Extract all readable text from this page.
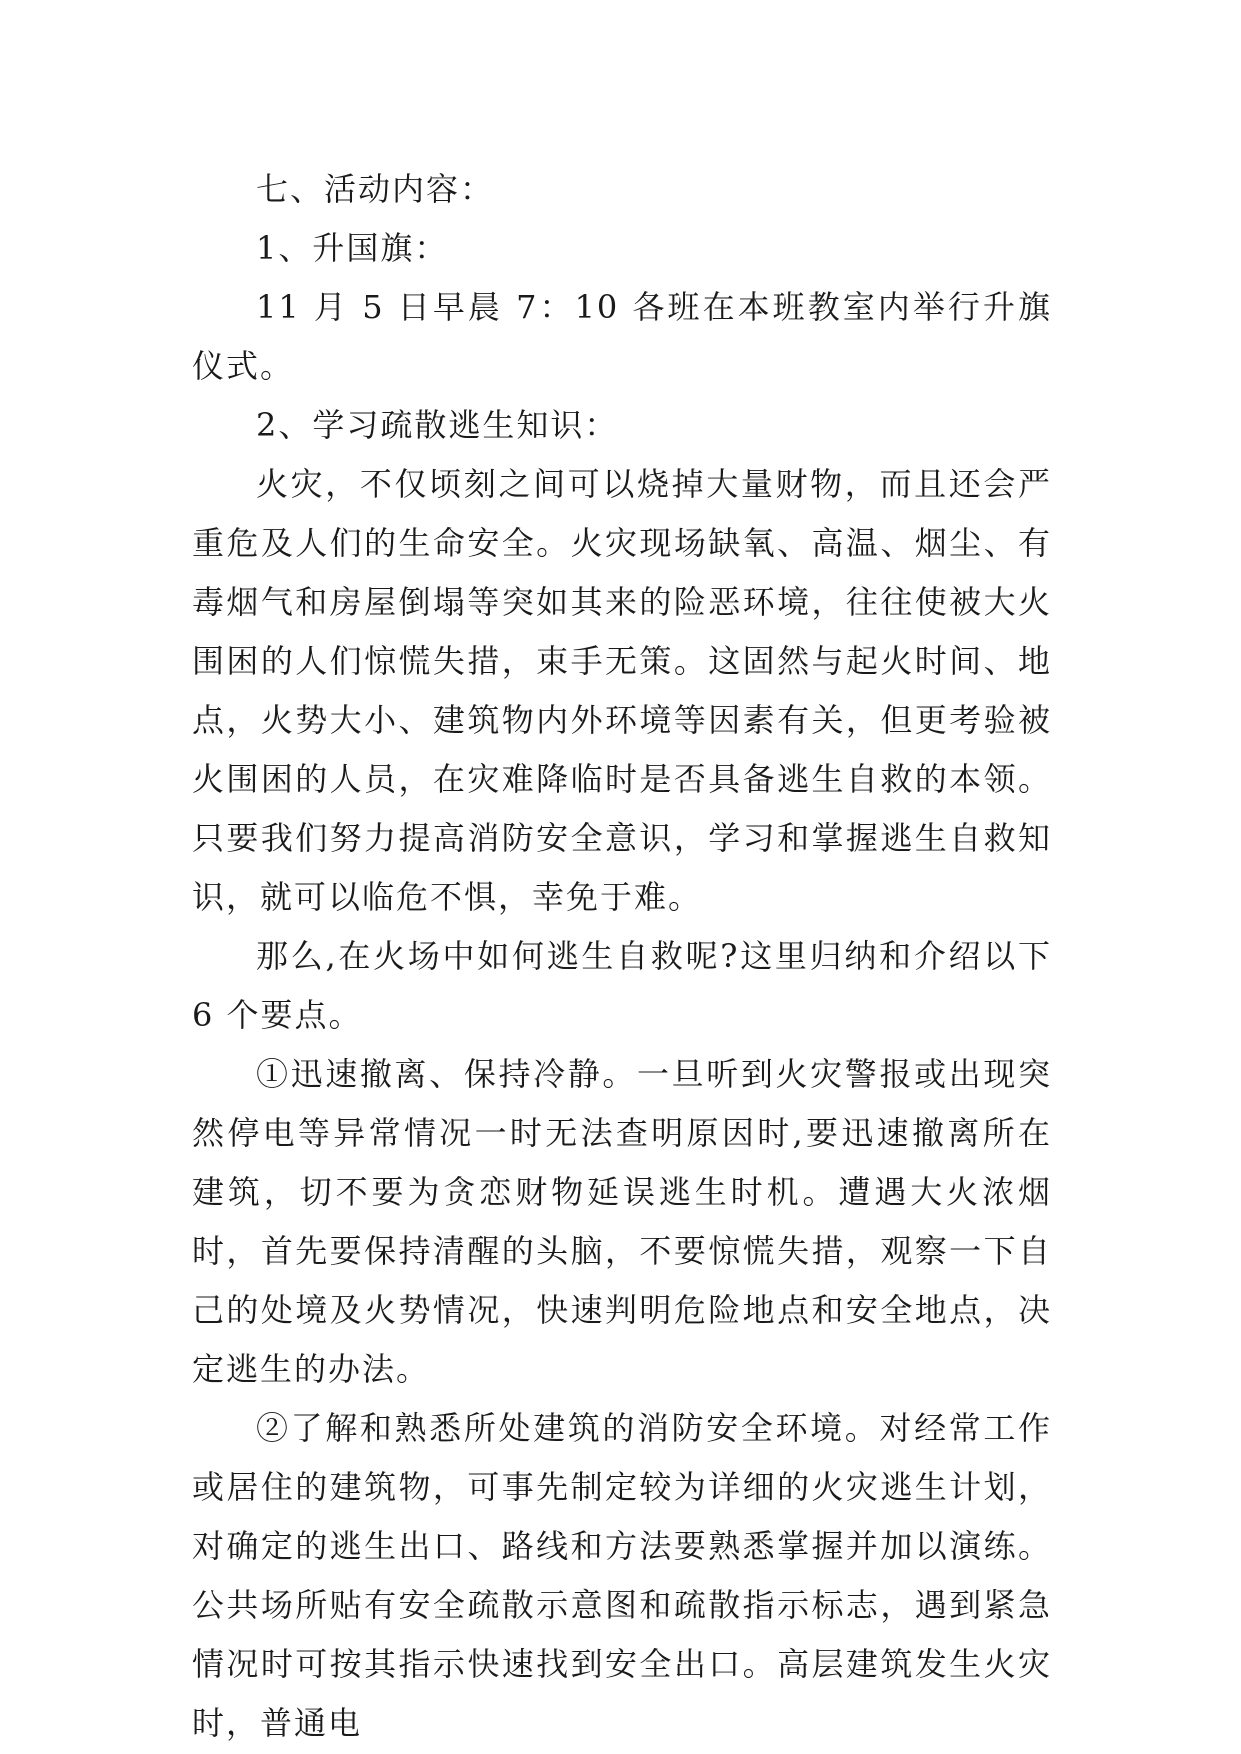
七、活动内容：

1、升国旗：

11 月 5 日早晨 7：10 各班在本班教室内举行升旗仪式。

2、学习疏散逃生知识：

火灾，不仅顷刻之间可以烧掉大量财物，而且还会严重危及人们的生命安全。火灾现场缺氧、高温、烟尘、有毒烟气和房屋倒塌等突如其来的险恶环境，往往使被大火围困的人们惊慌失措，束手无策。这固然与起火时间、地点，火势大小、建筑物内外环境等因素有关，但更考验被火围困的人员，在灾难降临时是否具备逃生自救的本领。只要我们努力提高消防安全意识，学习和掌握逃生自救知识，就可以临危不惧，幸免于难。

那么,在火场中如何逃生自救呢?这里归纳和介绍以下 6 个要点。

①迅速撤离、保持冷静。一旦听到火灾警报或出现突然停电等异常情况一时无法查明原因时,要迅速撤离所在建筑，切不要为贪恋财物延误逃生时机。遭遇大火浓烟时，首先要保持清醒的头脑，不要惊慌失措，观察一下自己的处境及火势情况，快速判明危险地点和安全地点，决定逃生的办法。

②了解和熟悉所处建筑的消防安全环境。对经常工作或居住的建筑物，可事先制定较为详细的火灾逃生计划，对确定的逃生出口、路线和方法要熟悉掌握并加以演练。公共场所贴有安全疏散示意图和疏散指示标志，遇到紧急情况时可按其指示快速找到安全出口。高层建筑发生火灾时，普通电
